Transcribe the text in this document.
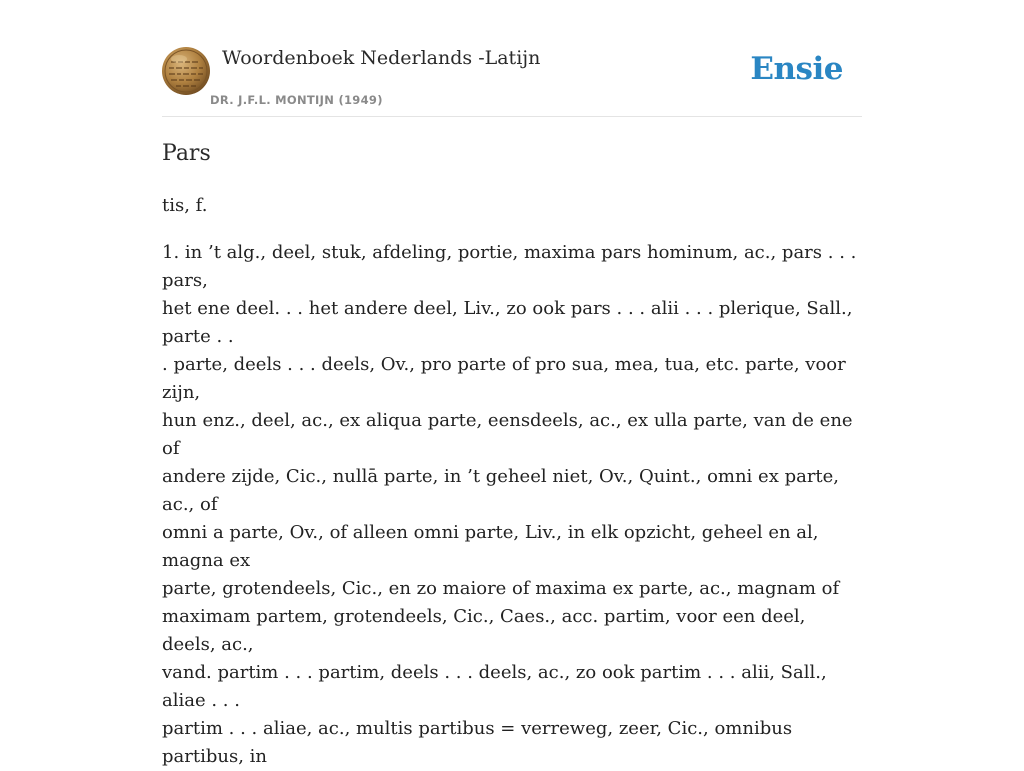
Woordenboek Nederlands -Latijn
DR. J.F.L. MONTIJN (1949)
Ensie
Pars

tis, f.

1. in ’t alg., deel, stuk, afdeling, portie, maxima pars hominum, ac., pars . . . pars,
het ene deel. . . het andere deel, Liv., zo ook pars . . . alii . . . plerique, Sall., parte . .
. parte, deels . . . deels, Ov., pro parte of pro sua, mea, tua, etc. parte, voor zijn,
hun enz., deel, ac., ex aliqua parte, eensdeels, ac., ex ulla parte, van de ene of
andere zijde, Cic., nullā parte, in ’t geheel niet, Ov., Quint., omni ex parte, ac., of
omni a parte, Ov., of alleen omni parte, Liv., in elk opzicht, geheel en al, magna ex
parte, grotendeels, Cic., en zo maiore of maxima ex parte, ac., magnam of
maximam partem, grotendeels, Cic., Caes., acc. partim, voor een deel, deels, ac.,
vand. partim . . . partim, deels . . . deels, ac., zo ook partim . . . alii, Sall., aliae . . .
partim . . . aliae, ac., multis partibus = verreweg, zeer, Cic., omnibus partibus, in
